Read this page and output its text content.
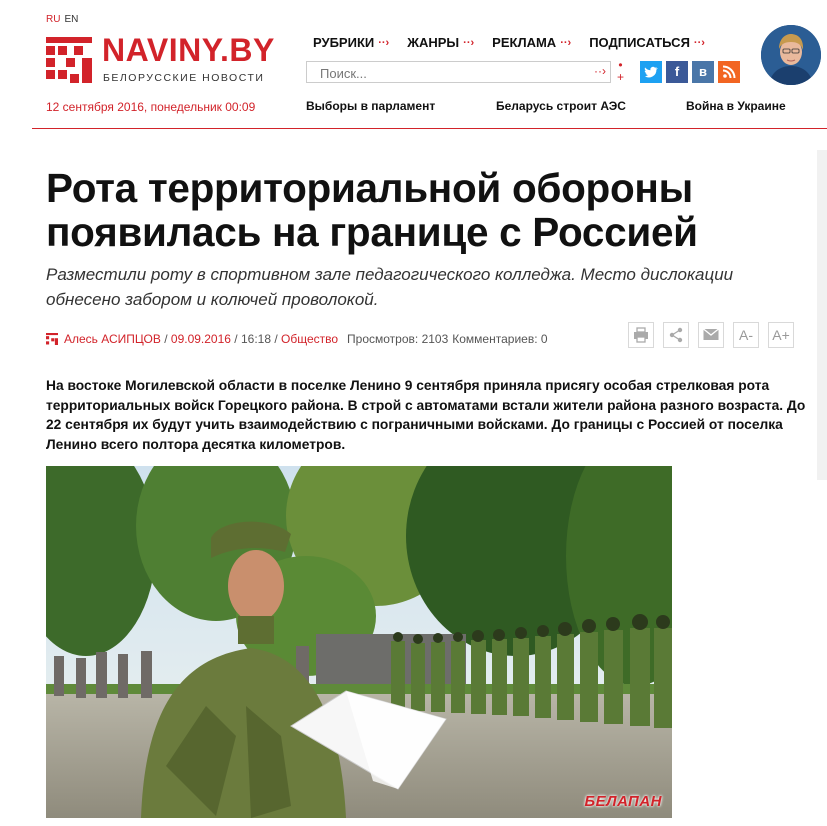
RU EN
NAVINY.BY
БЕЛОРУССКИЕ НОВОСТИ
12 сентября 2016, понедельник 00:09
РУБРИКИ ··› ЖАНРЫ ··› РЕКЛАМА ··› ПОДПИСАТЬСЯ ··›
Поиск...
··› •
+	f	в
Выборы в парламент	Беларусь строит АЭС	Война в Украине
Рота территориальной обороны появилась на границе с Россией
Разместили роту в спортивном зале педагогического колледжа. Место дислокации обнесено забором и колючей проволокой.
Алесь АСИПЦОВ / 09.09.2016 / 16:18 / Общество Просмотров: 2103 Комментариев: 0	A-	A+

На востоке Могилевской области в поселке Ленино 9 сентября приняла присягу особая стрелковая рота территориальных войск Горецкого района. В строй с автоматами встали жители района разного возраста. До 22 сентября их будут учить взаимодействию с пограничными войсками. До границы с Россией от поселка Ленино всего полтора десятка километров.

БЕЛАПАН
